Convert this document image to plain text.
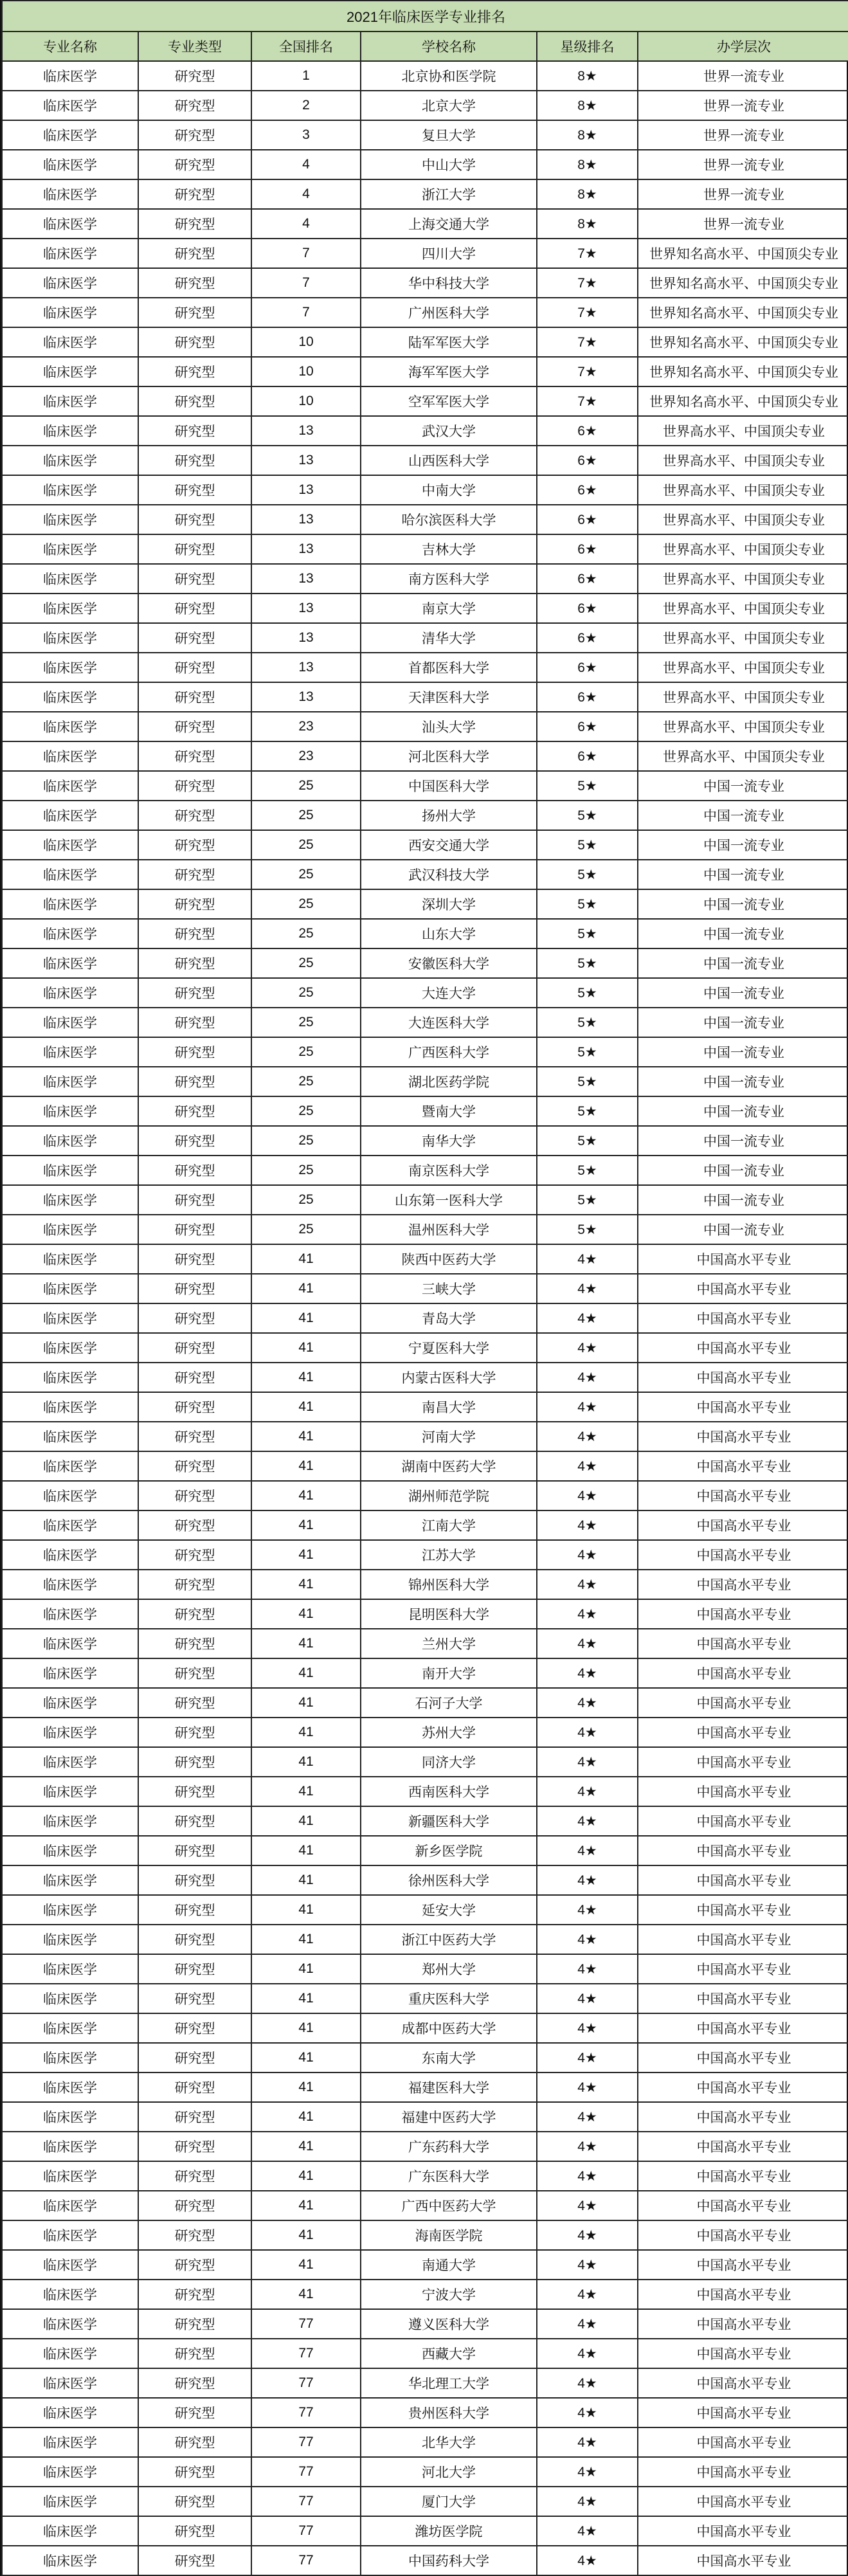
2021年临床医学专业排名					
专业名称	专业类型	全国排名	学校名称	星级排名	办学层次
临床医学	研究型	1	北京协和医学院	8★	世界一流专业
临床医学	研究型	2	北京大学	8★	世界一流专业
临床医学	研究型	3	复旦大学	8★	世界一流专业
临床医学	研究型	4	中山大学	8★	世界一流专业
临床医学	研究型	4	浙江大学	8★	世界一流专业
临床医学	研究型	4	上海交通大学	8★	世界一流专业
临床医学	研究型	7	四川大学	7★	世界知名高水平、中国顶尖专业
临床医学	研究型	7	华中科技大学	7★	世界知名高水平、中国顶尖专业
临床医学	研究型	7	广州医科大学	7★	世界知名高水平、中国顶尖专业
临床医学	研究型	10	陆军军医大学	7★	世界知名高水平、中国顶尖专业
临床医学	研究型	10	海军军医大学	7★	世界知名高水平、中国顶尖专业
临床医学	研究型	10	空军军医大学	7★	世界知名高水平、中国顶尖专业
临床医学	研究型	13	武汉大学	6★	世界高水平、中国顶尖专业
临床医学	研究型	13	山西医科大学	6★	世界高水平、中国顶尖专业
临床医学	研究型	13	中南大学	6★	世界高水平、中国顶尖专业
临床医学	研究型	13	哈尔滨医科大学	6★	世界高水平、中国顶尖专业
临床医学	研究型	13	吉林大学	6★	世界高水平、中国顶尖专业
临床医学	研究型	13	南方医科大学	6★	世界高水平、中国顶尖专业
临床医学	研究型	13	南京大学	6★	世界高水平、中国顶尖专业
临床医学	研究型	13	清华大学	6★	世界高水平、中国顶尖专业
临床医学	研究型	13	首都医科大学	6★	世界高水平、中国顶尖专业
临床医学	研究型	13	天津医科大学	6★	世界高水平、中国顶尖专业
临床医学	研究型	23	汕头大学	6★	世界高水平、中国顶尖专业
临床医学	研究型	23	河北医科大学	6★	世界高水平、中国顶尖专业
临床医学	研究型	25	中国医科大学	5★	中国一流专业
临床医学	研究型	25	扬州大学	5★	中国一流专业
临床医学	研究型	25	西安交通大学	5★	中国一流专业
临床医学	研究型	25	武汉科技大学	5★	中国一流专业
临床医学	研究型	25	深圳大学	5★	中国一流专业
临床医学	研究型	25	山东大学	5★	中国一流专业
临床医学	研究型	25	安徽医科大学	5★	中国一流专业
临床医学	研究型	25	大连大学	5★	中国一流专业
临床医学	研究型	25	大连医科大学	5★	中国一流专业
临床医学	研究型	25	广西医科大学	5★	中国一流专业
临床医学	研究型	25	湖北医药学院	5★	中国一流专业
临床医学	研究型	25	暨南大学	5★	中国一流专业
临床医学	研究型	25	南华大学	5★	中国一流专业
临床医学	研究型	25	南京医科大学	5★	中国一流专业
临床医学	研究型	25	山东第一医科大学	5★	中国一流专业
临床医学	研究型	25	温州医科大学	5★	中国一流专业
临床医学	研究型	41	陕西中医药大学	4★	中国高水平专业
临床医学	研究型	41	三峡大学	4★	中国高水平专业
临床医学	研究型	41	青岛大学	4★	中国高水平专业
临床医学	研究型	41	宁夏医科大学	4★	中国高水平专业
临床医学	研究型	41	内蒙古医科大学	4★	中国高水平专业
临床医学	研究型	41	南昌大学	4★	中国高水平专业
临床医学	研究型	41	河南大学	4★	中国高水平专业
临床医学	研究型	41	湖南中医药大学	4★	中国高水平专业
临床医学	研究型	41	湖州师范学院	4★	中国高水平专业
临床医学	研究型	41	江南大学	4★	中国高水平专业
临床医学	研究型	41	江苏大学	4★	中国高水平专业
临床医学	研究型	41	锦州医科大学	4★	中国高水平专业
临床医学	研究型	41	昆明医科大学	4★	中国高水平专业
临床医学	研究型	41	兰州大学	4★	中国高水平专业
临床医学	研究型	41	南开大学	4★	中国高水平专业
临床医学	研究型	41	石河子大学	4★	中国高水平专业
临床医学	研究型	41	苏州大学	4★	中国高水平专业
临床医学	研究型	41	同济大学	4★	中国高水平专业
临床医学	研究型	41	西南医科大学	4★	中国高水平专业
临床医学	研究型	41	新疆医科大学	4★	中国高水平专业
临床医学	研究型	41	新乡医学院	4★	中国高水平专业
临床医学	研究型	41	徐州医科大学	4★	中国高水平专业
临床医学	研究型	41	延安大学	4★	中国高水平专业
临床医学	研究型	41	浙江中医药大学	4★	中国高水平专业
临床医学	研究型	41	郑州大学	4★	中国高水平专业
临床医学	研究型	41	重庆医科大学	4★	中国高水平专业
临床医学	研究型	41	成都中医药大学	4★	中国高水平专业
临床医学	研究型	41	东南大学	4★	中国高水平专业
临床医学	研究型	41	福建医科大学	4★	中国高水平专业
临床医学	研究型	41	福建中医药大学	4★	中国高水平专业
临床医学	研究型	41	广东药科大学	4★	中国高水平专业
临床医学	研究型	41	广东医科大学	4★	中国高水平专业
临床医学	研究型	41	广西中医药大学	4★	中国高水平专业
临床医学	研究型	41	海南医学院	4★	中国高水平专业
临床医学	研究型	41	南通大学	4★	中国高水平专业
临床医学	研究型	41	宁波大学	4★	中国高水平专业
临床医学	研究型	77	遵义医科大学	4★	中国高水平专业
临床医学	研究型	77	西藏大学	4★	中国高水平专业
临床医学	研究型	77	华北理工大学	4★	中国高水平专业
临床医学	研究型	77	贵州医科大学	4★	中国高水平专业
临床医学	研究型	77	北华大学	4★	中国高水平专业
临床医学	研究型	77	河北大学	4★	中国高水平专业
临床医学	研究型	77	厦门大学	4★	中国高水平专业
临床医学	研究型	77	潍坊医学院	4★	中国高水平专业
临床医学	研究型	77	中国药科大学	4★	中国高水平专业
